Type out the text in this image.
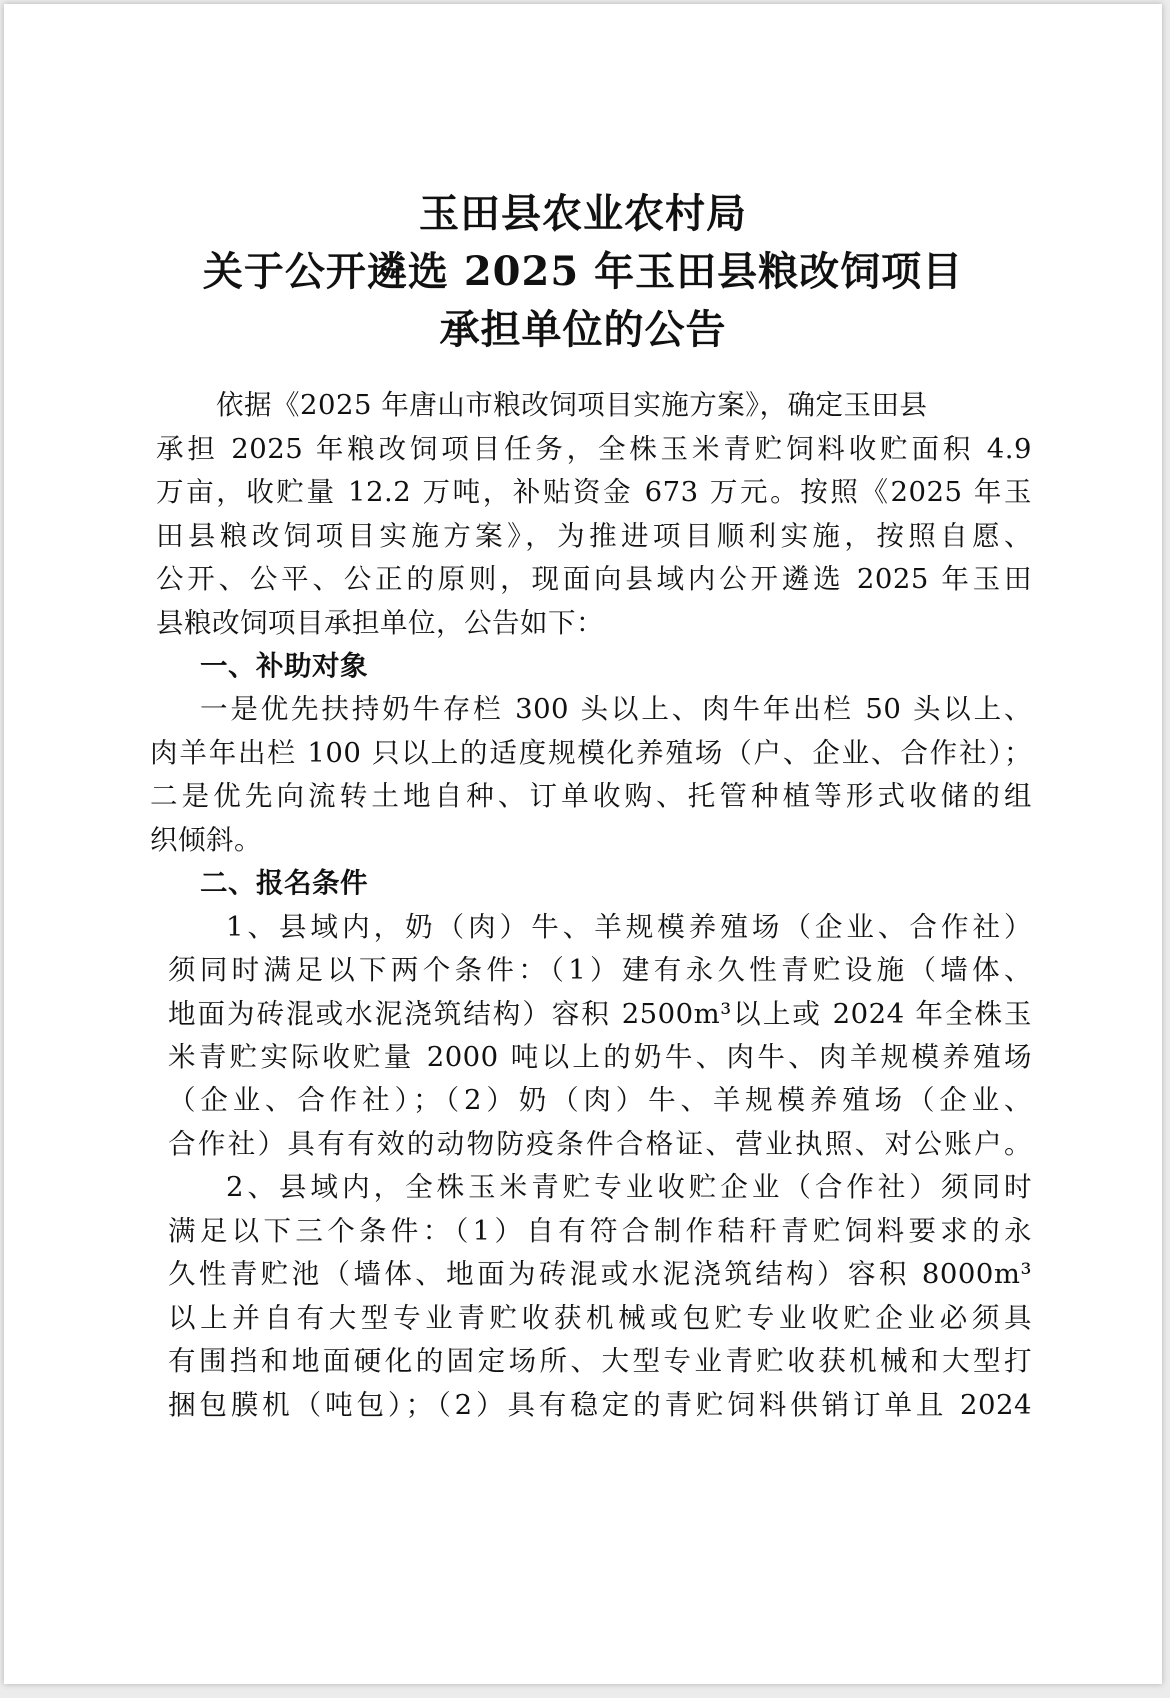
玉田县农业农村局
关于公开遴选 2025 年玉田县粮改饲项目
承担单位的公告
依据《2025 年唐山市粮改饲项目实施方案》，确定玉田县
承担 2025 年粮改饲项目任务，全株玉米青贮饲料收贮面积 4.9
万亩，收贮量 12.2 万吨，补贴资金 673 万元。按照《2025 年玉
田县粮改饲项目实施方案》，为推进项目顺利实施，按照自愿、
公开、公平、公正的原则，现面向县域内公开遴选 2025 年玉田
县粮改饲项目承担单位，公告如下：
一、补助对象
一是优先扶持奶牛存栏 300 头以上、肉牛年出栏 50 头以上、
肉羊年出栏 100 只以上的适度规模化养殖场（户、企业、合作社）；
二是优先向流转土地自种、订单收购、托管种植等形式收储的组
织倾斜。
二、报名条件
1、县域内，奶（肉）牛、羊规模养殖场（企业、合作社）
须同时满足以下两个条件：（1）建有永久性青贮设施（墙体、
地面为砖混或水泥浇筑结构）容积 2500m³以上或 2024 年全株玉
米青贮实际收贮量 2000 吨以上的奶牛、肉牛、肉羊规模养殖场
（企业、合作社）；（2）奶（肉）牛、羊规模养殖场（企业、
合作社）具有有效的动物防疫条件合格证、营业执照、对公账户。
2、县域内，全株玉米青贮专业收贮企业（合作社）须同时
满足以下三个条件：（1）自有符合制作秸秆青贮饲料要求的永
久性青贮池（墙体、地面为砖混或水泥浇筑结构）容积 8000m³
以上并自有大型专业青贮收获机械或包贮专业收贮企业必须具
有围挡和地面硬化的固定场所、大型专业青贮收获机械和大型打
捆包膜机（吨包）；（2）具有稳定的青贮饲料供销订单且 2024
